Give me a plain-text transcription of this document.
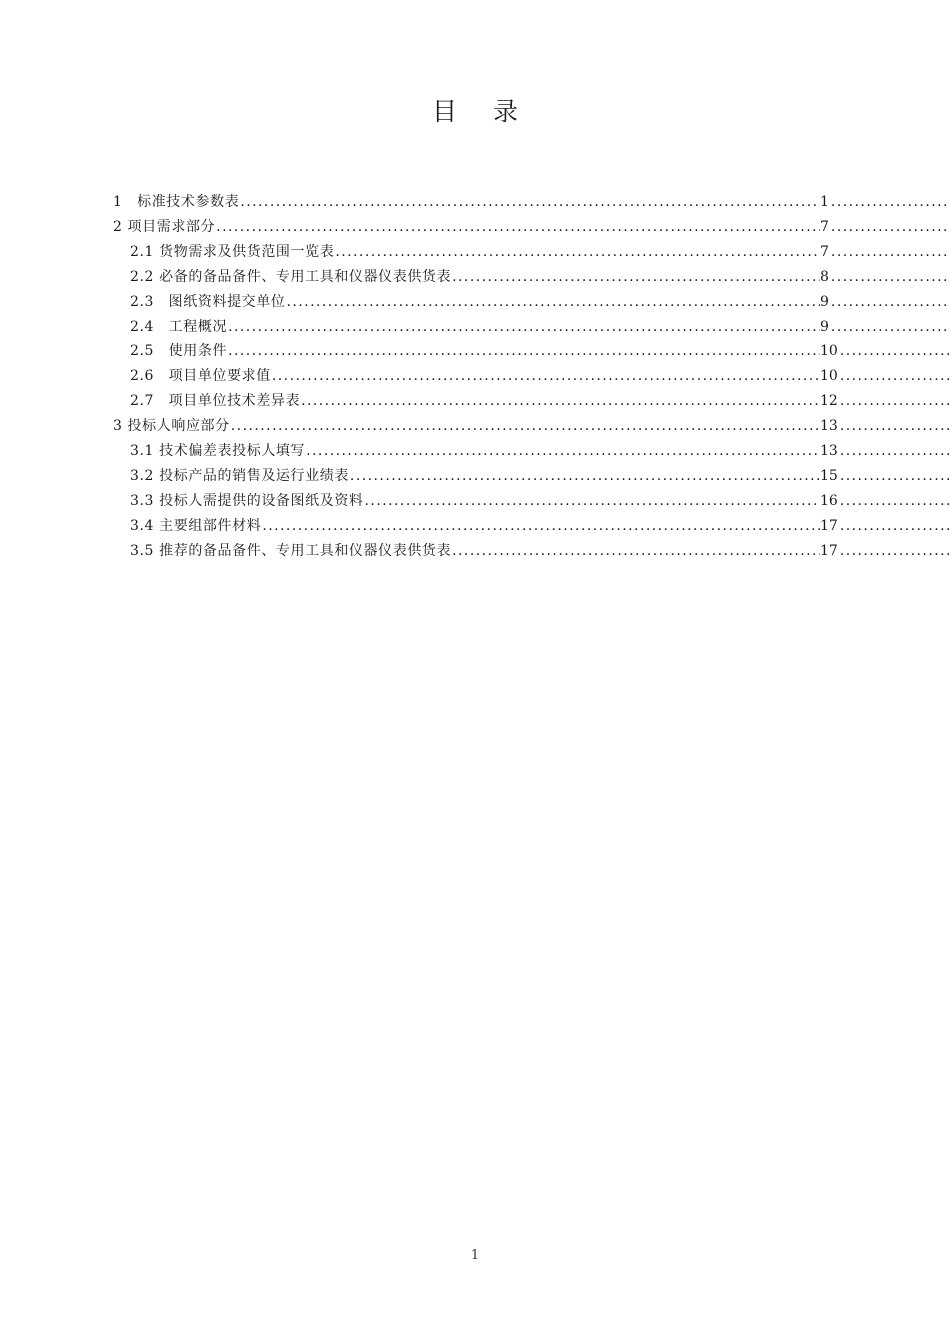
目 录
1　标准技术参数表 . . .	1 . . .
2 项目需求部分 . . .	7 . . .
2.1 货物需求及供货范围一览表 . . .	7 . . .
2.2 必备的备品备件、专用工具和仪器仪表供货表 . . .	8 . . .
2.3　图纸资料提交单位 . . .	9 . . .
2.4　工程概况 . . .	9 . . .
2.5　使用条件 . . .	10 . . .
2.6　项目单位要求值 . . .	10 . . .
2.7　项目单位技术差异表 . . .	12 . . .
3 投标人响应部分 . . .	13 . . .
3.1 技术偏差表投标人填写 . . .	13 . . .
3.2 投标产品的销售及运行业绩表 . . .	15 . . .
3.3 投标人需提供的设备图纸及资料 . . .	16 . . .
3.4 主要组部件材料 . . .	17 . . .
3.5 推荐的备品备件、专用工具和仪器仪表供货表 . . .	17 . . .
1
